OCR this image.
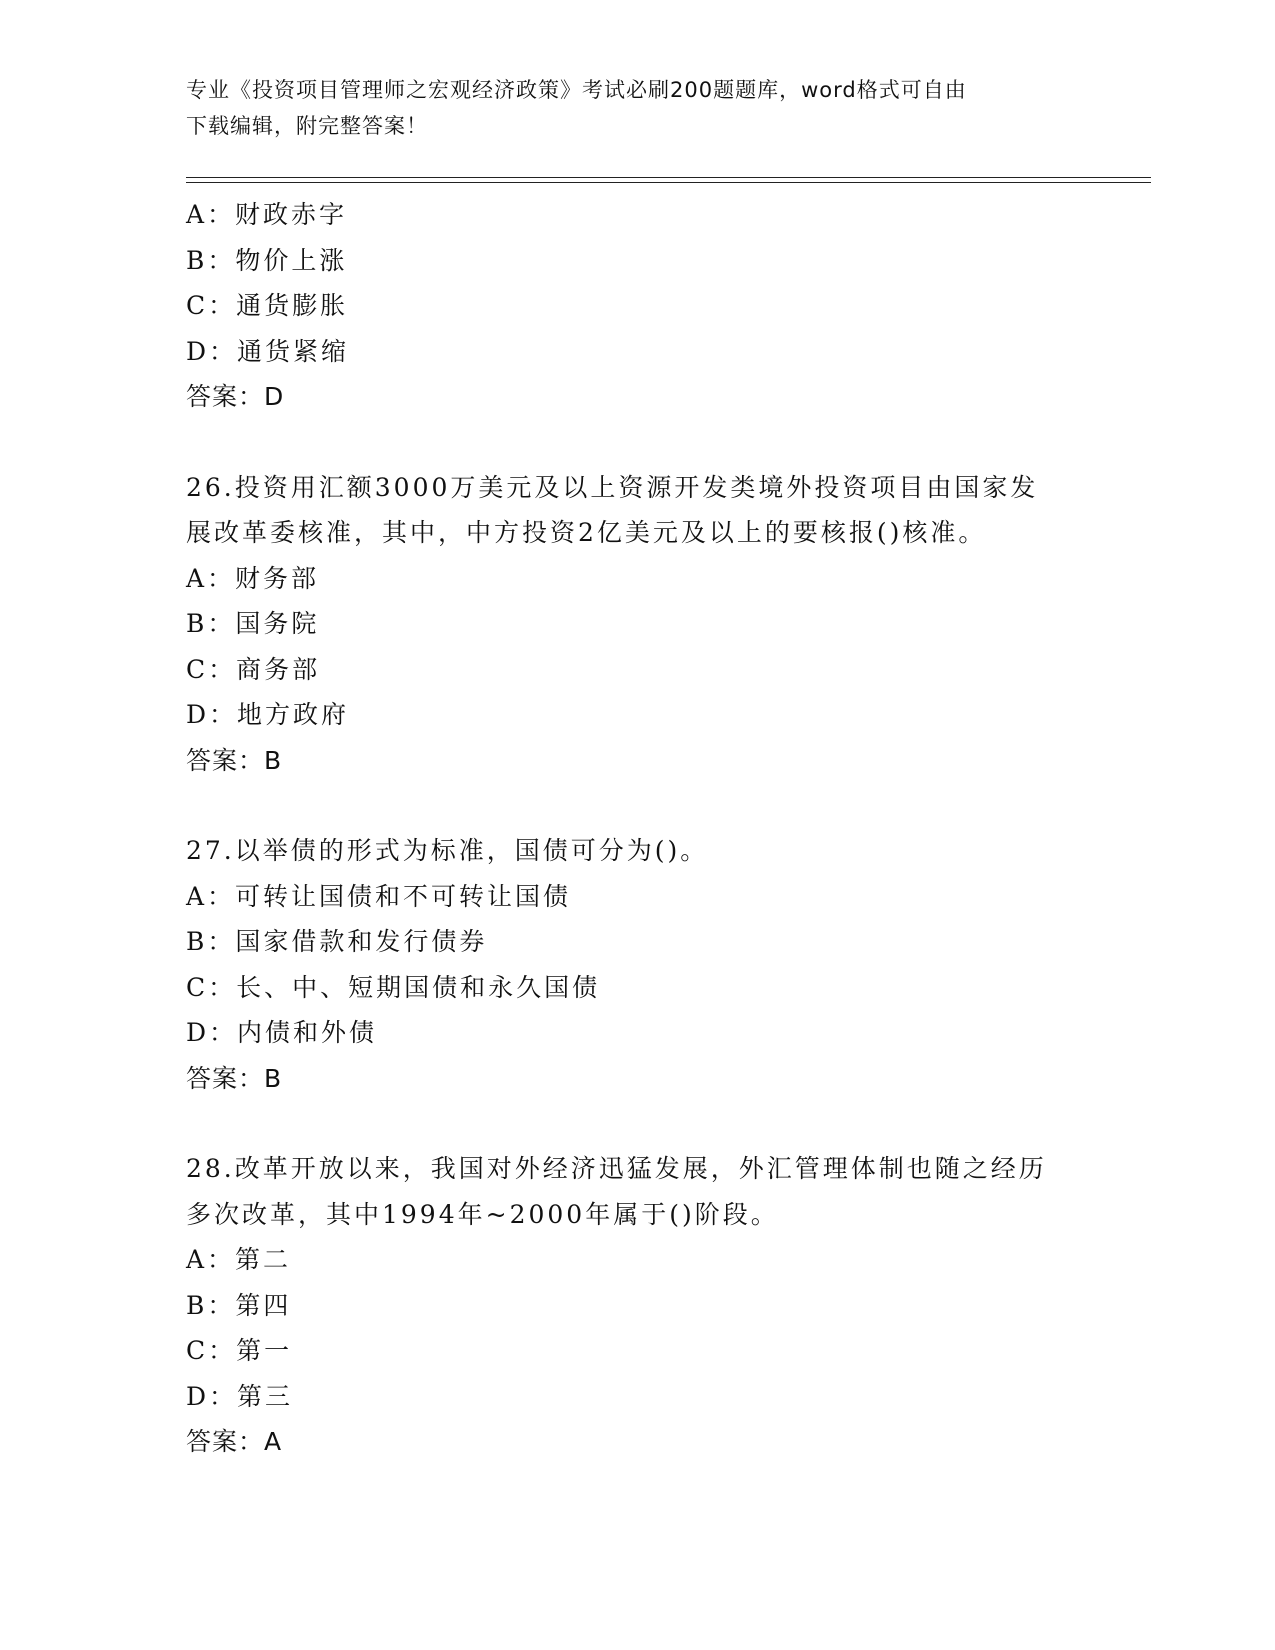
专业《投资项目管理师之宏观经济政策》考试必刷200题题库，word格式可自由
下载编辑，附完整答案！
A：财政赤字
B：物价上涨
C：通货膨胀
D：通货紧缩
答案：D
26.投资用汇额3000万美元及以上资源开发类境外投资项目由国家发
展改革委核准，其中，中方投资2亿美元及以上的要核报()核准。
A：财务部
B：国务院
C：商务部
D：地方政府
答案：B
27.以举债的形式为标准，国债可分为()。
A：可转让国债和不可转让国债
B：国家借款和发行债券
C：长、中、短期国债和永久国债
D：内债和外债
答案：B
28.改革开放以来，我国对外经济迅猛发展，外汇管理体制也随之经历
多次改革，其中1994年~2000年属于()阶段。
A：第二
B：第四
C：第一
D：第三
答案：A
